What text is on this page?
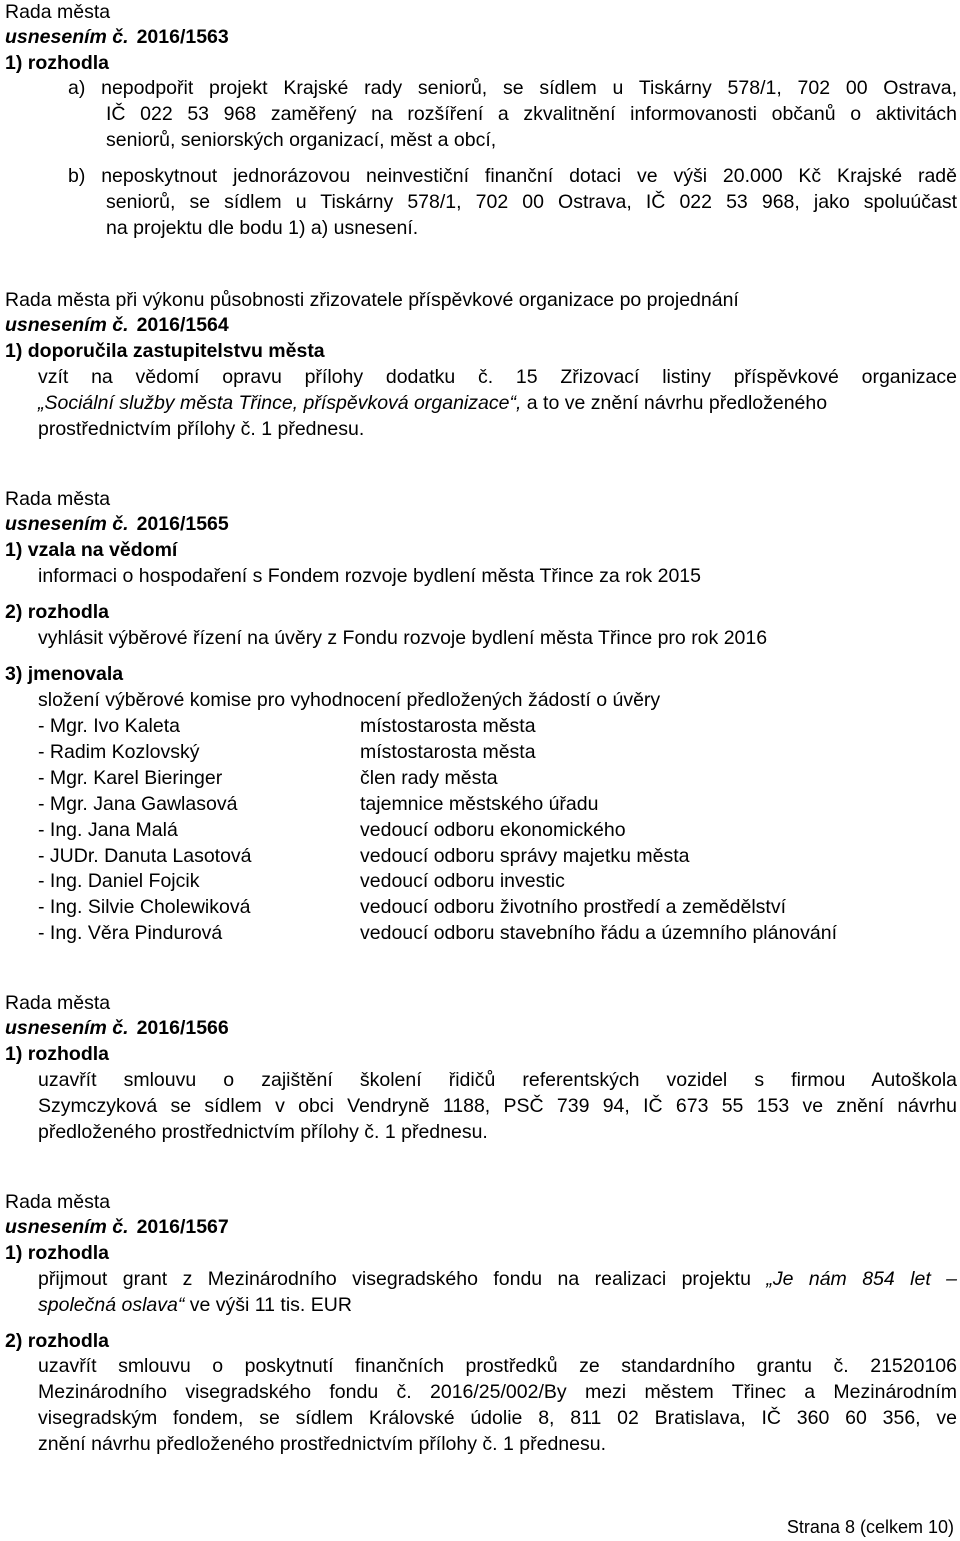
Rada města
usnesením č. 2016/1563
1) rozhodla
a) nepodpořit projekt Krajské rady seniorů, se sídlem u Tiskárny 578/1, 702 00 Ostrava,
IČ 022 53 968 zaměřený na rozšíření a zkvalitnění informovanosti občanů o aktivitách
seniorů, seniorských organizací, měst a obcí,
b) neposkytnout jednorázovou neinvestiční finanční dotaci ve výši 20.000 Kč Krajské radě
seniorů, se sídlem u Tiskárny 578/1, 702 00 Ostrava, IČ 022 53 968, jako spoluúčast
na projektu dle bodu 1) a) usnesení.
Rada města při výkonu působnosti zřizovatele příspěvkové organizace po projednání
usnesením č. 2016/1564
1) doporučila zastupitelstvu města
vzít na vědomí opravu přílohy dodatku č. 15 Zřizovací listiny příspěvkové organizace
„Sociální služby města Třince, příspěvková organizace“, a to ve znění návrhu předloženého
prostřednictvím přílohy č. 1 přednesu.
Rada města
usnesením č. 2016/1565
1) vzala na vědomí
informaci o hospodaření s Fondem rozvoje bydlení města Třince za rok 2015
2) rozhodla
vyhlásit výběrové řízení na úvěry z Fondu rozvoje bydlení města Třince pro rok 2016
3) jmenovala
složení výběrové komise pro vyhodnocení předložených žádostí o úvěry
- Mgr. Ivo Kaleta	místostarosta města
- Radim Kozlovský	místostarosta města
- Mgr. Karel Bieringer	člen rady města
- Mgr. Jana Gawlasová	tajemnice městského úřadu
- Ing. Jana Malá	vedoucí odboru ekonomického
- JUDr. Danuta Lasotová	vedoucí odboru správy majetku města
- Ing. Daniel Fojcik	vedoucí odboru investic
- Ing. Silvie Cholewiková	vedoucí odboru životního prostředí a zemědělství
- Ing. Věra Pindurová	vedoucí odboru stavebního řádu a územního plánování
Rada města
usnesením č. 2016/1566
1) rozhodla
uzavřít smlouvu o zajištění školení řidičů referentských vozidel s firmou Autoškola
Szymczyková se sídlem v obci Vendryně 1188, PSČ 739 94, IČ 673 55 153 ve znění návrhu
předloženého prostřednictvím přílohy č. 1 přednesu.
Rada města
usnesením č. 2016/1567
1) rozhodla
přijmout grant z Mezinárodního visegradského fondu na realizaci projektu „Je nám 854 let –
společná oslava“ ve výši 11 tis. EUR
2) rozhodla
uzavřít smlouvu o poskytnutí finančních prostředků ze standardního grantu č. 21520106
Mezinárodního visegradského fondu č. 2016/25/002/By mezi městem Třinec a Mezinárodním
visegradským fondem, se sídlem Královské údolie 8, 811 02 Bratislava, IČ 360 60 356, ve
znění návrhu předloženého prostřednictvím přílohy č. 1 přednesu.
Strana 8 (celkem 10)
